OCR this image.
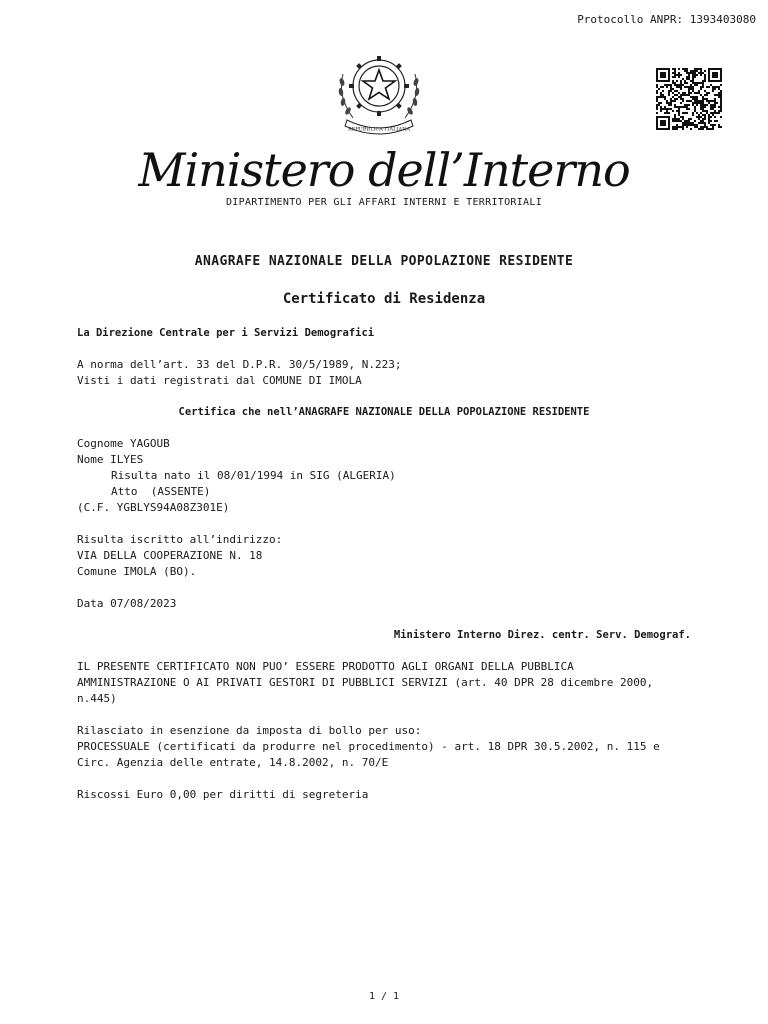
Protocollo ANPR: 1393403080
REPUBBLICA ITALIANA
Ministero dell’Interno
DIPARTIMENTO PER GLI AFFARI INTERNI E TERRITORIALI
ANAGRAFE NAZIONALE DELLA POPOLAZIONE RESIDENTE
Certificato di Residenza
La Direzione Centrale per i Servizi Demografici
A norma dell’art. 33 del D.P.R. 30/5/1989, N.223;
Visti i dati registrati dal COMUNE DI IMOLA
Certifica che nell’ANAGRAFE NAZIONALE DELLA POPOLAZIONE RESIDENTE
Cognome YAGOUB
Nome ILYES
Risulta nato il 08/01/1994 in SIG (ALGERIA)
Atto  (ASSENTE)
(C.F. YGBLYS94A08Z301E)
Risulta iscritto all’indirizzo:
VIA DELLA COOPERAZIONE N. 18
Comune IMOLA (BO).
Data 07/08/2023
Ministero Interno Direz. centr. Serv. Demograf.
IL PRESENTE CERTIFICATO NON PUO’ ESSERE PRODOTTO AGLI ORGANI DELLA PUBBLICA
AMMINISTRAZIONE O AI PRIVATI GESTORI DI PUBBLICI SERVIZI (art. 40 DPR 28 dicembre 2000,
n.445)
Rilasciato in esenzione da imposta di bollo per uso:
PROCESSUALE (certificati da produrre nel procedimento) - art. 18 DPR 30.5.2002, n. 115 e
Circ. Agenzia delle entrate, 14.8.2002, n. 70/E
Riscossi Euro 0,00 per diritti di segreteria
1 / 1
